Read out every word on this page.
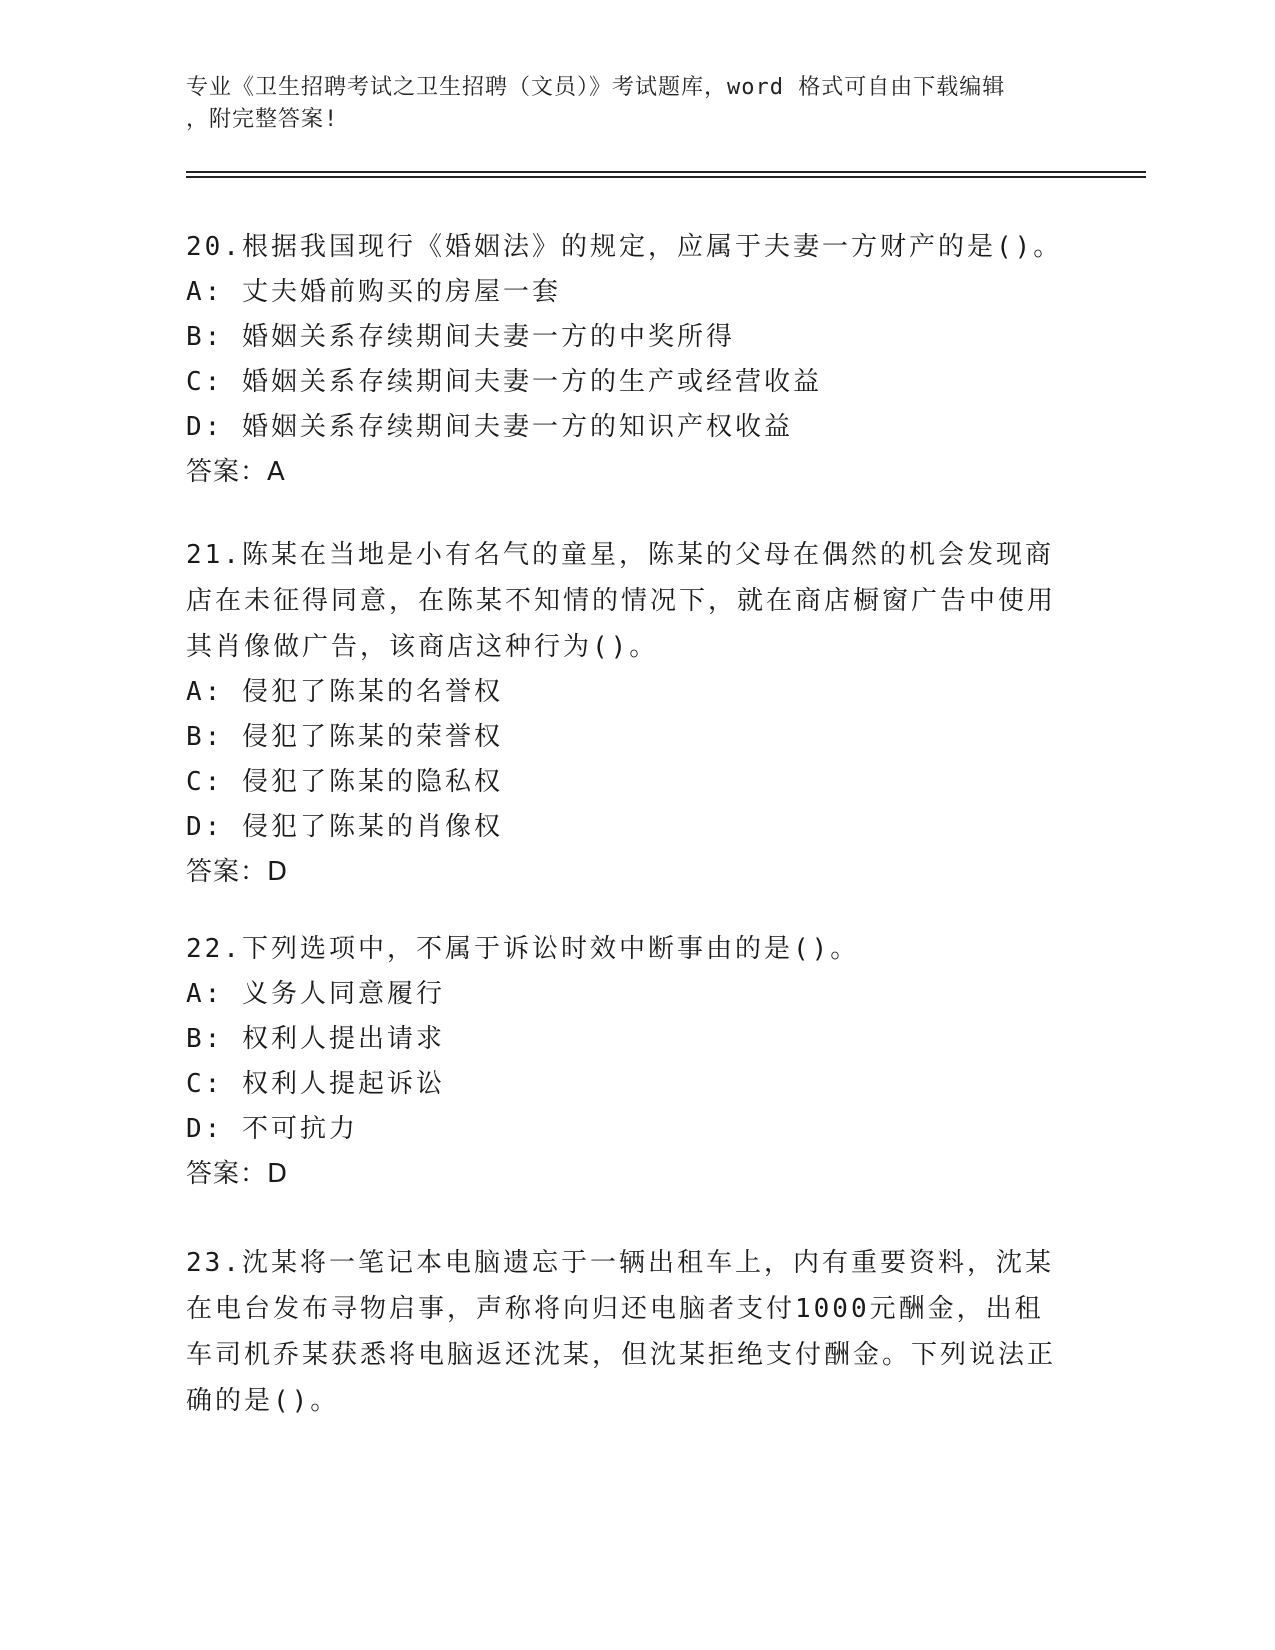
专业《卫生招聘考试之卫生招聘（文员）》考试题库，word 格式可自由下载编辑
，附完整答案!
20.根据我国现行《婚姻法》的规定，应属于夫妻一方财产的是()。
A: 丈夫婚前购买的房屋一套
B: 婚姻关系存续期间夫妻一方的中奖所得
C: 婚姻关系存续期间夫妻一方的生产或经营收益
D: 婚姻关系存续期间夫妻一方的知识产权收益
答案：A
21.陈某在当地是小有名气的童星，陈某的父母在偶然的机会发现商店在未征得同意，在陈某不知情的情况下，就在商店橱窗广告中使用其肖像做广告，该商店这种行为()。
A: 侵犯了陈某的名誉权
B: 侵犯了陈某的荣誉权
C: 侵犯了陈某的隐私权
D: 侵犯了陈某的肖像权
答案：D
22.下列选项中，不属于诉讼时效中断事由的是()。
A: 义务人同意履行
B: 权利人提出请求
C: 权利人提起诉讼
D: 不可抗力
答案：D
23.沈某将一笔记本电脑遗忘于一辆出租车上，内有重要资料，沈某在电台发布寻物启事，声称将向归还电脑者支付1000元酬金，出租车司机乔某获悉将电脑返还沈某，但沈某拒绝支付酬金。下列说法正确的是()。
